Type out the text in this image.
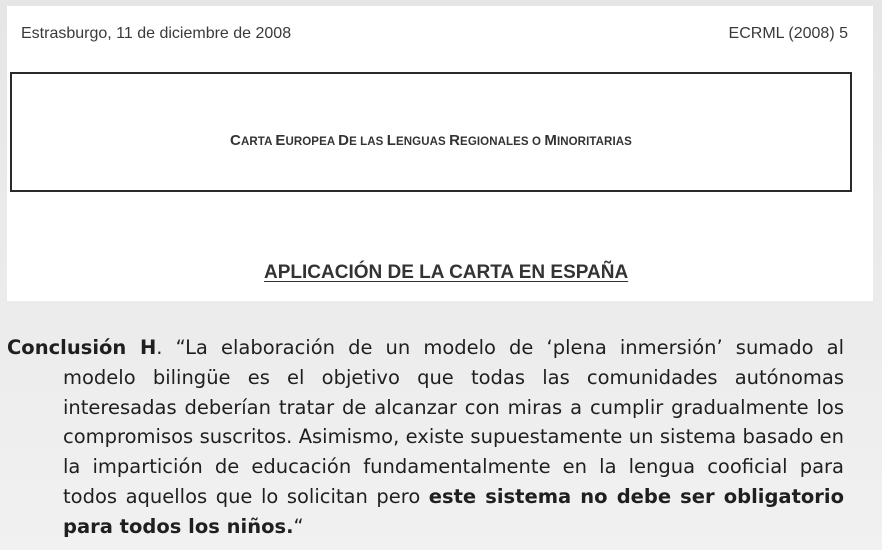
Estrasburgo, 11 de diciembre de 2008	ECRML (2008) 5
CARTA EUROPEA DE LAS LENGUAS REGIONALES O MINORITARIAS
APLICACIÓN DE LA CARTA EN ESPAÑA
Conclusión H. “La elaboración de un modelo de ‘plena inmersión’ sumado al modelo bilingüe es el objetivo que todas las comunidades autónomas interesadas deberían tratar de alcanzar con miras a cumplir gradualmente los compromisos suscritos. Asimismo, existe supuestamente un sistema basado en la impartición de educación fundamentalmente en la lengua cooficial para todos aquellos que lo solicitan pero este sistema no debe ser obligatorio para todos los niños.“
